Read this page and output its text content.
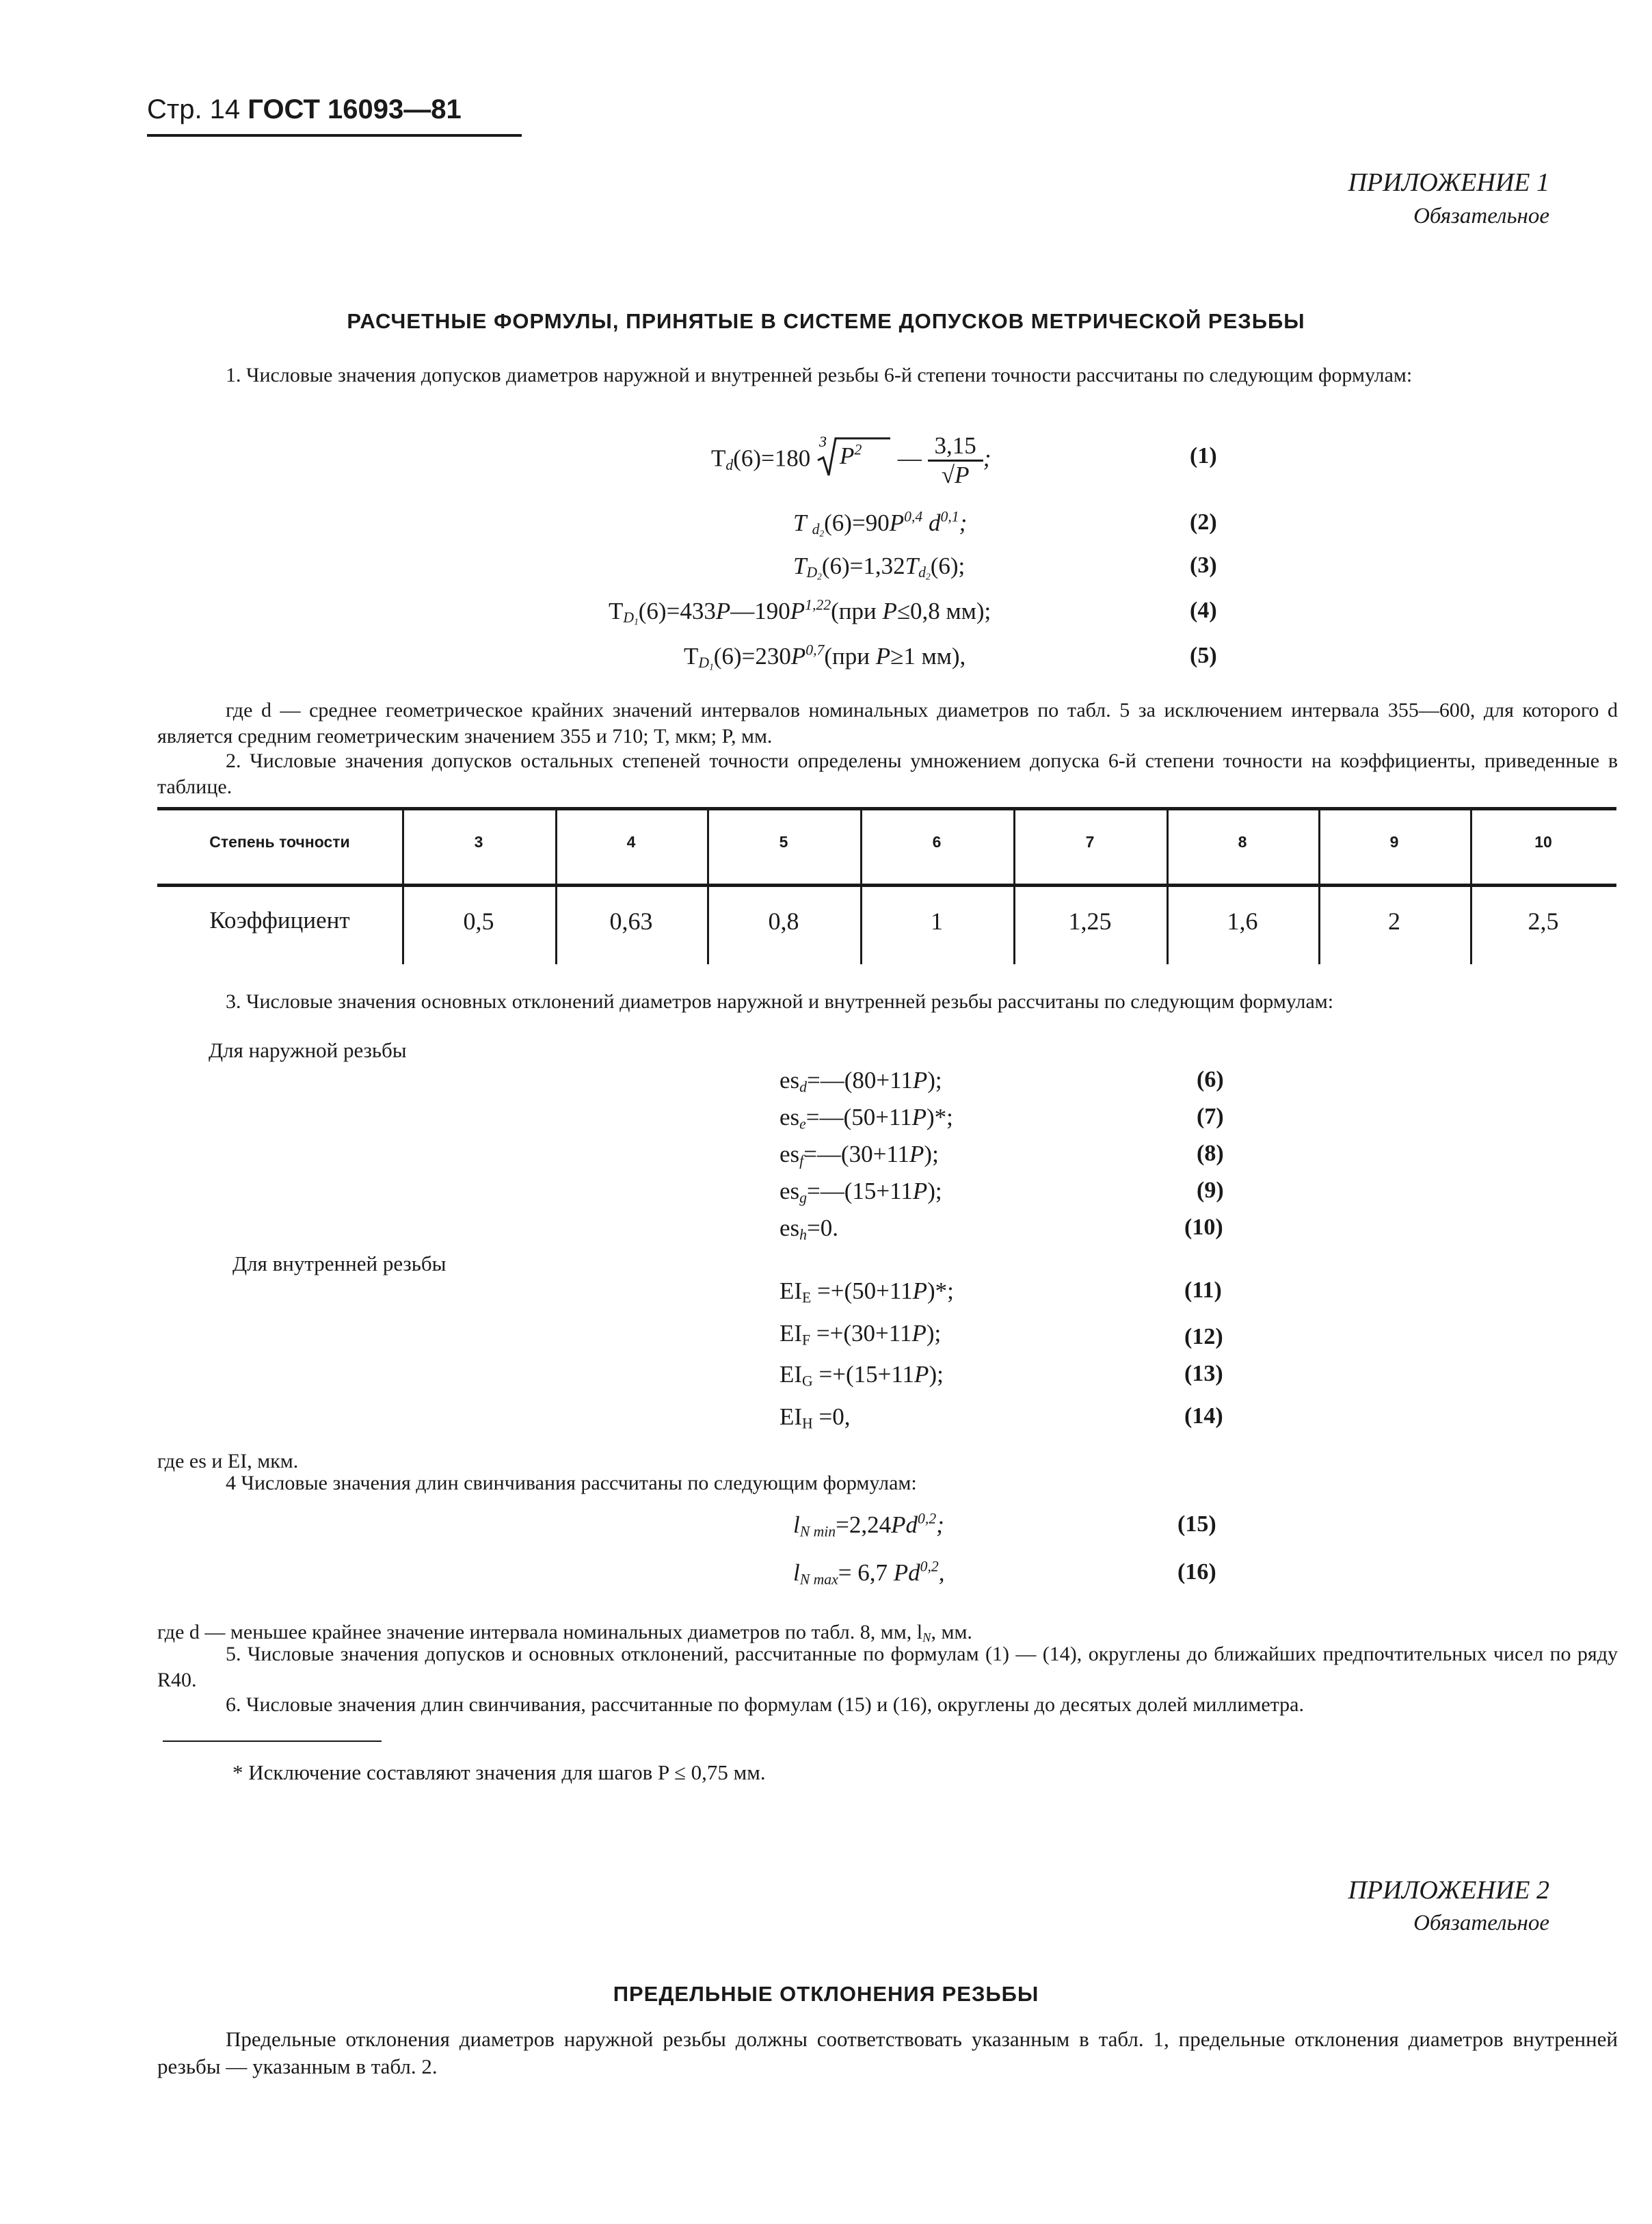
Стр. 14 ГОСТ 16093—81
ПРИЛОЖЕНИЕ 1
Обязательное
РАСЧЕТНЫЕ ФОРМУЛЫ, ПРИНЯТЫЕ В СИСТЕМЕ ДОПУСКОВ МЕТРИЧЕСКОЙ РЕЗЬБЫ
1. Числовые значения допусков диаметров наружной и внутренней резьбы 6-й степени точности рассчитаны по следующим формулам:
$T_d(6)=180$
3
$P^2$ — $\frac{3,15}{√P}$ ;	(1)
T $_{d_2}(6)=90P^{0,4}$ $d^{0,1}$;	(2)
$T_{D_2}(6)=1,32T_{d_2}(6)$;	(3)
$T_{D_1}(6)=433P—190P^{1,22}(при$ P≤0,8 мм);	(4)
$T_{D_1}(6)=230P^{0,7}(при$ P≥1 мм),	(5)
где d — среднее геометрическое крайних значений интервалов номинальных диаметров по табл. 5 за исключением интервала 355—600, для которого d является средним геометрическим значением 355 и 710; T, мкм; P, мм.
2. Числовые значения допусков остальных степеней точности определены умножением допуска 6-й степени точности на коэффициенты, приведенные в таблице.
Степень точности	3	4	5	6	7	8	9	10
Коэффициент	0,5	0,63	0,8	1	1,25	1,6	2	2,5
3. Числовые значения основных отклонений диаметров наружной и внутренней резьбы рассчитаны по следующим формулам:
Для наружной резьбы
$es_d=—(80+11P)$;	(6)
$es_e=—(50+11P)*$;	(7)
$es_f=—(30+11P)$;	(8)
$es_g=—(15+11P)$;	(9)
$es_h=0$.	(10)
Для внутренней резьбы
$EI_E =+(50+11P)*$;	(11)
$EI_F =+(30+11P)$;	(12)
$EI_G =+(15+11P)$;	(13)
$EI_H =0$,	(14)
где es и EI, мкм.
4 Числовые значения длин свинчивания рассчитаны по следующим формулам:
$l_{N min}=2,24Pd^{0,2}$;	(15)
$l_{N max}= 6,7$ Pd$^{0,2}$,	(16)
где d — меньшее крайнее значение интервала номинальных диаметров по табл. 8, мм, $l_N$, мм.
5. Числовые значения допусков и основных отклонений, рассчитанные по формулам (1) — (14), округлены до ближайших предпочтительных чисел по ряду R40.
6. Числовые значения длин свинчивания, рассчитанные по формулам (15) и (16), округлены до десятых долей миллиметра.
* Исключение составляют значения для шагов P ≤ 0,75 мм.
ПРИЛОЖЕНИЕ 2
Обязательное
ПРЕДЕЛЬНЫЕ ОТКЛОНЕНИЯ РЕЗЬБЫ
Предельные отклонения диаметров наружной резьбы должны соответствовать указанным в табл. 1, предельные отклонения диаметров внутренней резьбы — указанным в табл. 2.
